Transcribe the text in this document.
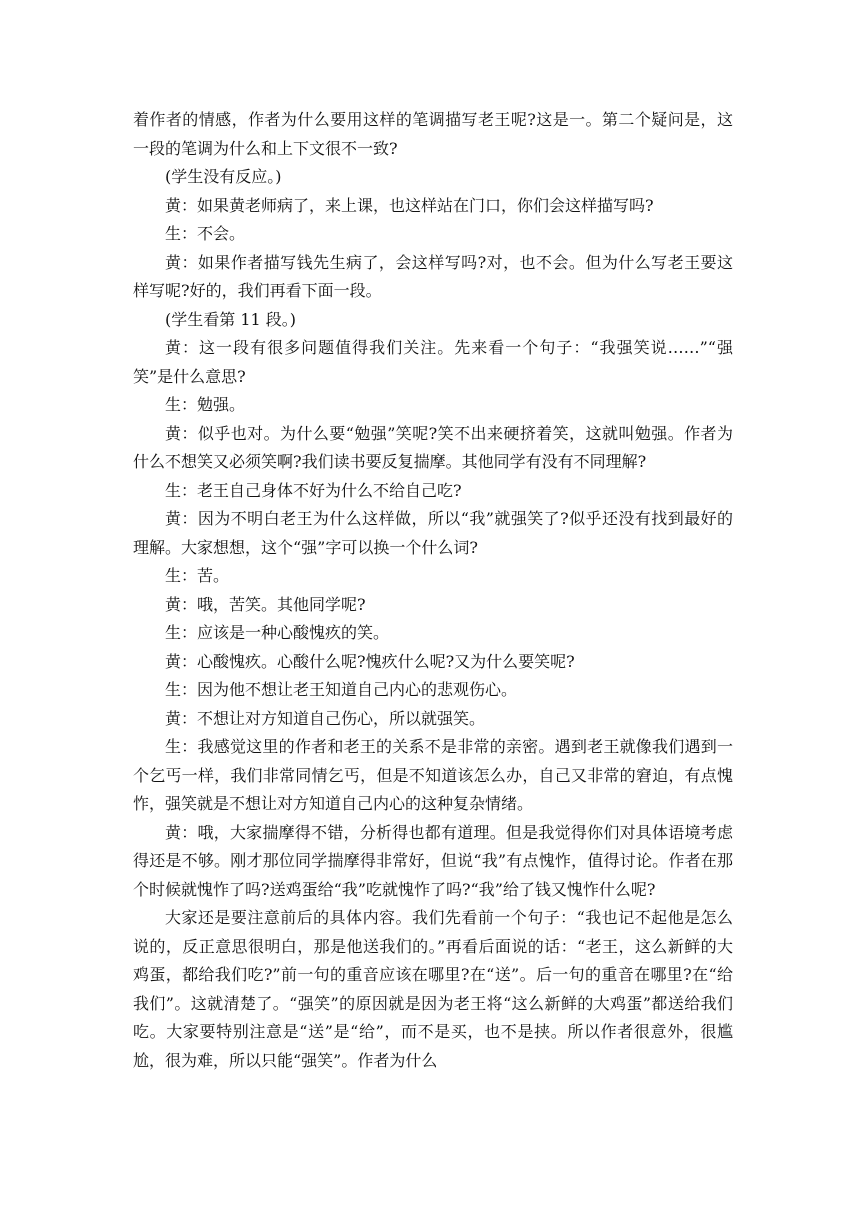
着作者的情感，作者为什么要用这样的笔调描写老王呢?这是一。第二个疑问是，这一段的笔调为什么和上下文很不一致?

(学生没有反应。)

黄：如果黄老师病了，来上课，也这样站在门口，你们会这样描写吗?

生：不会。

黄：如果作者描写钱先生病了，会这样写吗?对，也不会。但为什么写老王要这样写呢?好的，我们再看下面一段。

(学生看第 11 段。)

黄：这一段有很多问题值得我们关注。先来看一个句子：“我强笑说……”“强笑”是什么意思?

生：勉强。

黄：似乎也对。为什么要“勉强”笑呢?笑不出来硬挤着笑，这就叫勉强。作者为什么不想笑又必须笑啊?我们读书要反复揣摩。其他同学有没有不同理解?

生：老王自己身体不好为什么不给自己吃?

黄：因为不明白老王为什么这样做，所以“我”就强笑了?似乎还没有找到最好的理解。大家想想，这个“强”字可以换一个什么词?

生：苦。

黄：哦，苦笑。其他同学呢?

生：应该是一种心酸愧疚的笑。

黄：心酸愧疚。心酸什么呢?愧疚什么呢?又为什么要笑呢?

生：因为他不想让老王知道自己内心的悲观伤心。

黄：不想让对方知道自己伤心，所以就强笑。

生：我感觉这里的作者和老王的关系不是非常的亲密。遇到老王就像我们遇到一个乞丐一样，我们非常同情乞丐，但是不知道该怎么办，自己又非常的窘迫，有点愧怍，强笑就是不想让对方知道自己内心的这种复杂情绪。

黄：哦，大家揣摩得不错，分析得也都有道理。但是我觉得你们对具体语境考虑得还是不够。刚才那位同学揣摩得非常好，但说“我”有点愧怍，值得讨论。作者在那个时候就愧怍了吗?送鸡蛋给“我”吃就愧怍了吗?“我”给了钱又愧怍什么呢?

大家还是要注意前后的具体内容。我们先看前一个句子：“我也记不起他是怎么说的，反正意思很明白，那是他送我们的。”再看后面说的话：“老王，这么新鲜的大鸡蛋，都给我们吃?”前一句的重音应该在哪里?在“送”。后一句的重音在哪里?在“给我们”。这就清楚了。“强笑”的原因就是因为老王将“这么新鲜的大鸡蛋”都送给我们吃。大家要特别注意是“送”是“给”，而不是买，也不是挟。所以作者很意外，很尴尬，很为难，所以只能“强笑”。作者为什么
